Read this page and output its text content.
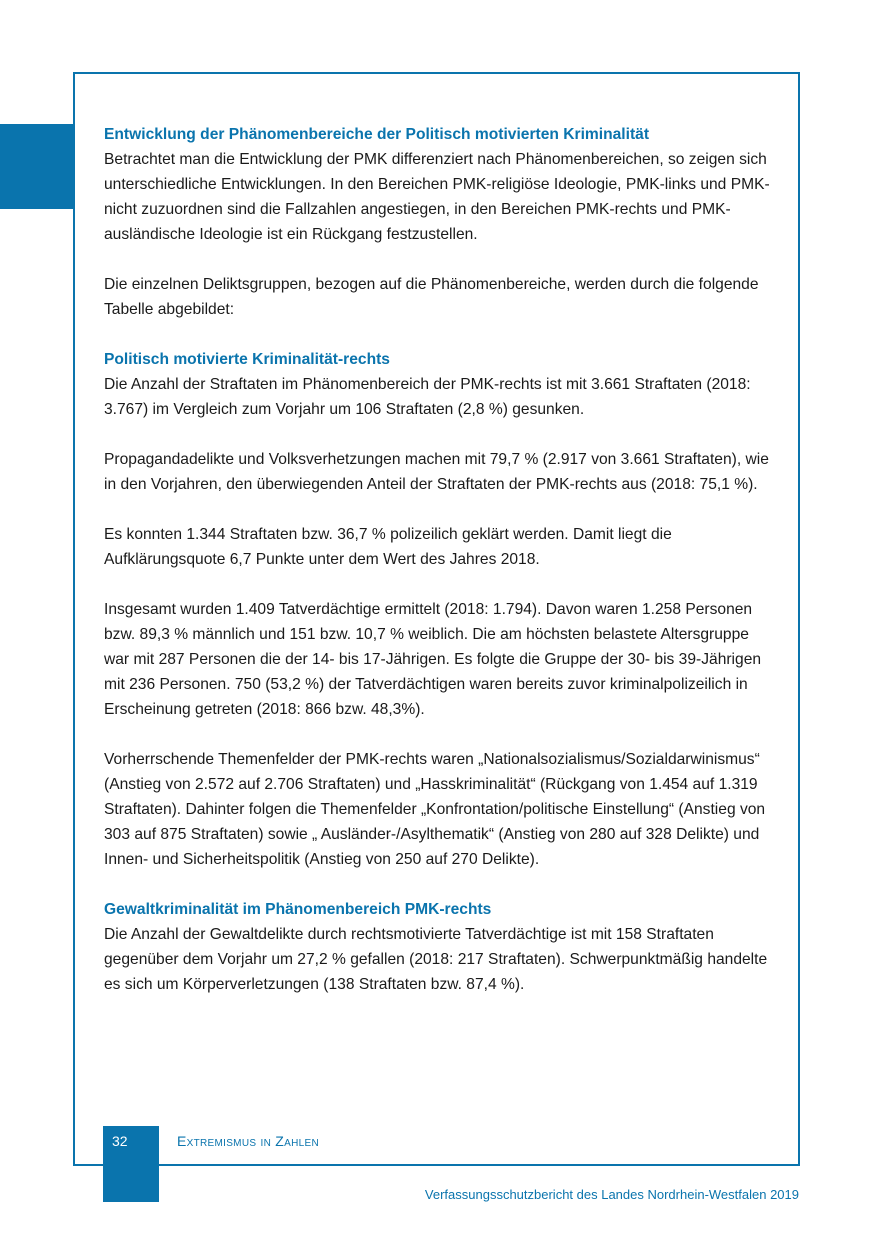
Entwicklung der Phänomenbereiche der Politisch motivierten Kriminalität

Betrachtet man die Entwicklung der PMK differenziert nach Phänomenbereichen, so zeigen sich unterschiedliche Entwicklungen. In den Bereichen PMK-religiöse Ideologie, PMK-links und PMK-nicht zuzuordnen sind die Fallzahlen angestiegen, in den Bereichen PMK-rechts und PMK-ausländische Ideologie ist ein Rückgang festzustellen.

Die einzelnen Deliktsgruppen, bezogen auf die Phänomenbereiche, werden durch die folgende Tabelle abgebildet:

Politisch motivierte Kriminalität-rechts

Die Anzahl der Straftaten im Phänomenbereich der PMK-rechts ist mit 3.661 Straftaten (2018: 3.767) im Vergleich zum Vorjahr um 106 Straftaten (2,8 %) gesunken.

Propagandadelikte und Volksverhetzungen machen mit 79,7 % (2.917 von 3.661 Straftaten), wie in den Vorjahren, den überwiegenden Anteil der Straftaten der PMK-rechts aus (2018: 75,1 %).

Es konnten 1.344 Straftaten bzw. 36,7 % polizeilich geklärt werden. Damit liegt die Aufklärungsquote 6,7 Punkte unter dem Wert des Jahres 2018.

Insgesamt wurden 1.409 Tatverdächtige ermittelt (2018: 1.794). Davon waren 1.258 Personen bzw. 89,3 % männlich und 151 bzw. 10,7 % weiblich. Die am höchsten belastete Altersgruppe war mit 287 Personen die der 14- bis 17-Jährigen. Es folgte die Gruppe der 30- bis 39-Jährigen mit 236 Personen. 750 (53,2 %) der Tatverdächtigen waren bereits zuvor kriminalpolizeilich in Erscheinung getreten (2018: 866 bzw. 48,3%).

Vorherrschende Themenfelder der PMK-rechts waren „Nationalsozialismus/Sozialdarwinismus“ (Anstieg von 2.572 auf 2.706 Straftaten) und „Hasskriminalität“ (Rückgang von 1.454 auf 1.319 Straftaten). Dahinter folgen die Themenfelder „Konfrontation/politische Einstellung“ (Anstieg von 303 auf 875 Straftaten) sowie „ Ausländer-/Asylthematik“ (Anstieg von 280 auf 328 Delikte) und Innen- und Sicherheitspolitik (Anstieg von 250 auf 270 Delikte).

Gewaltkriminalität im Phänomenbereich PMK-rechts

Die Anzahl der Gewaltdelikte durch rechtsmotivierte Tatverdächtige ist mit 158 Straftaten gegenüber dem Vorjahr um 27,2 % gefallen (2018: 217 Straftaten). Schwerpunktmäßig handelte es sich um Körperverletzungen (138 Straftaten bzw. 87,4 %).

32	Extremismus in Zahlen
Verfassungsschutzbericht des Landes Nordrhein-Westfalen 2019
